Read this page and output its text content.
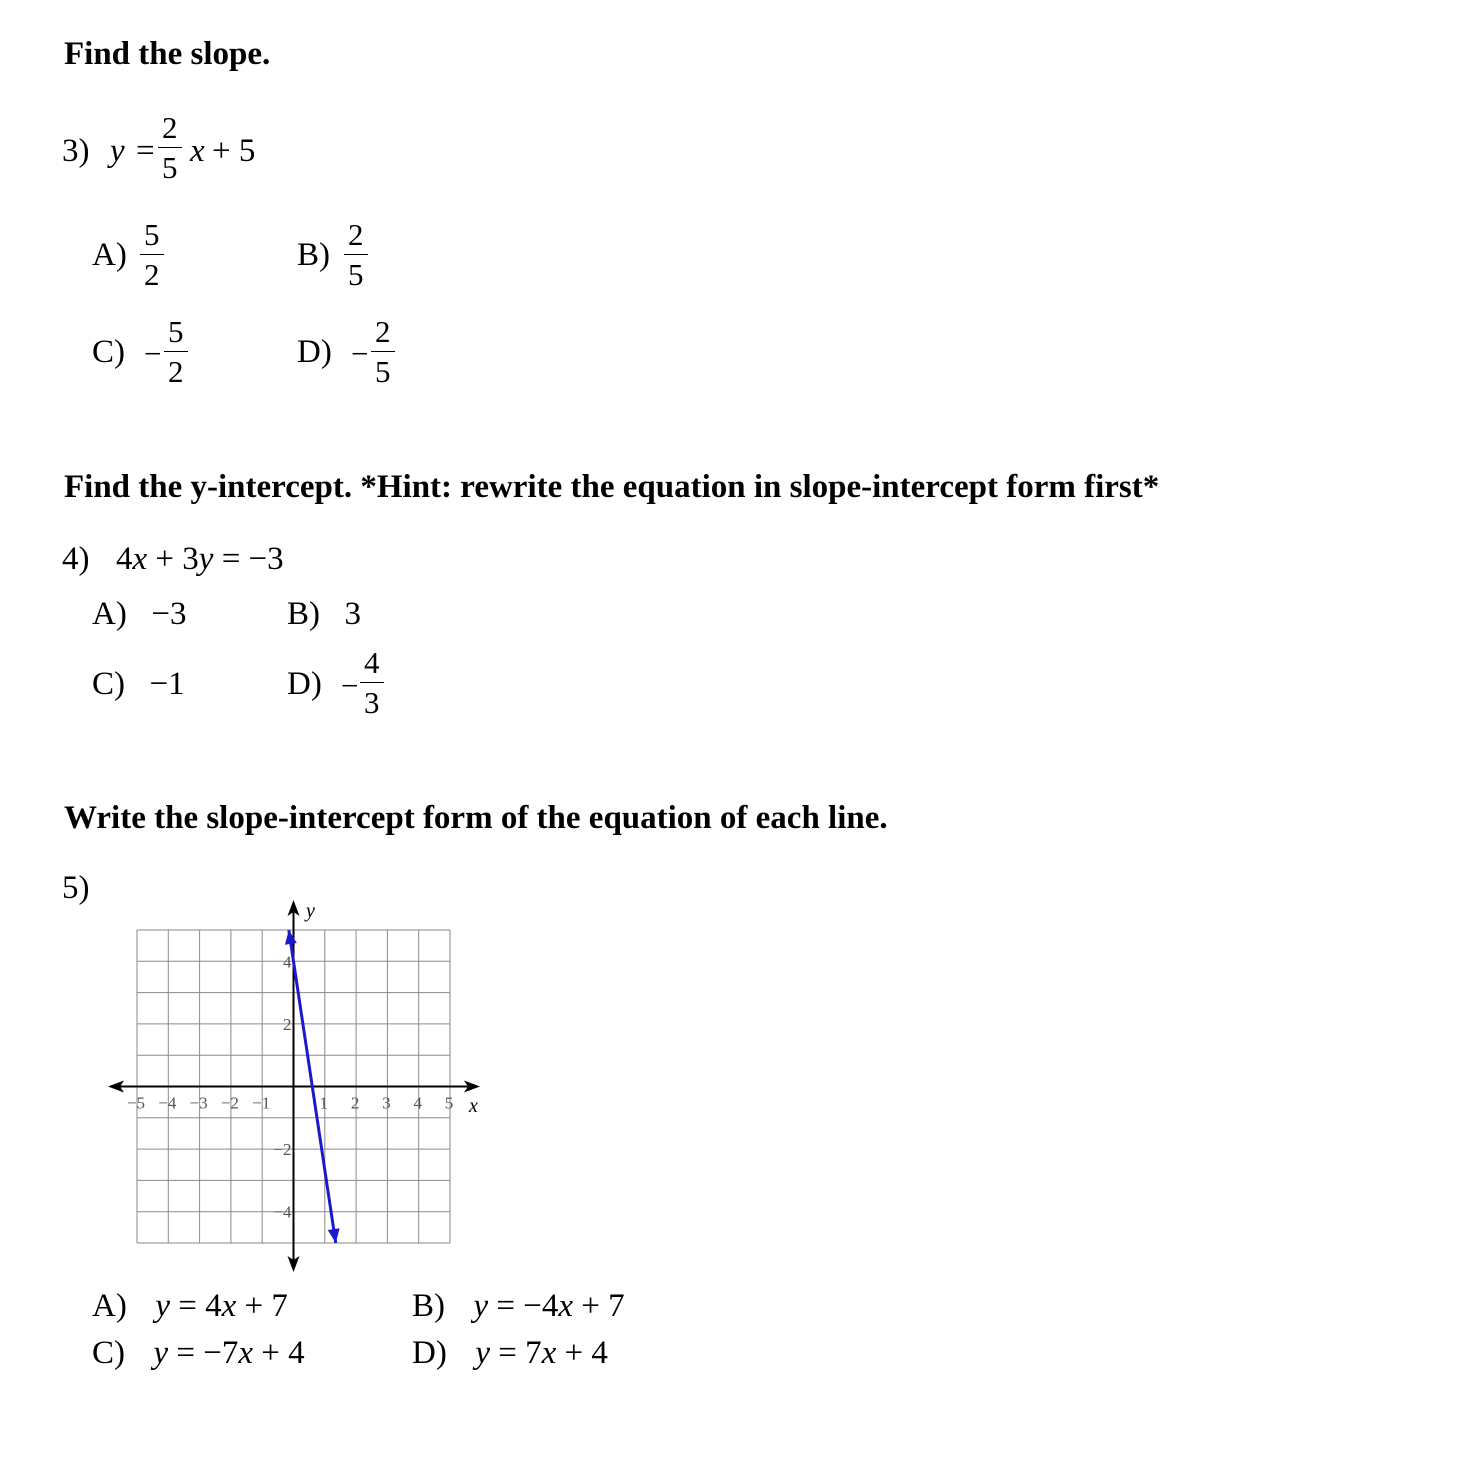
Find the slope.
3) y =
2
5 x + 5
A)
5
2
B)
2
5
C) −
5
2
D) −
2
5
Find the y-intercept. *Hint: rewrite the equation in slope-intercept form first*
4) 4x + 3y = −3
A) −3	B) 3
C) −1	D) −
4
3
Write the slope-intercept form of the equation of each line.
5)
−5 −4 −3 −2 −1	1 2 3 4 5
4
2
−2
−4
x
y
A) y = 4x + 7	B) y = −4x + 7
C) y = −7x + 4	D) y = 7x + 4
